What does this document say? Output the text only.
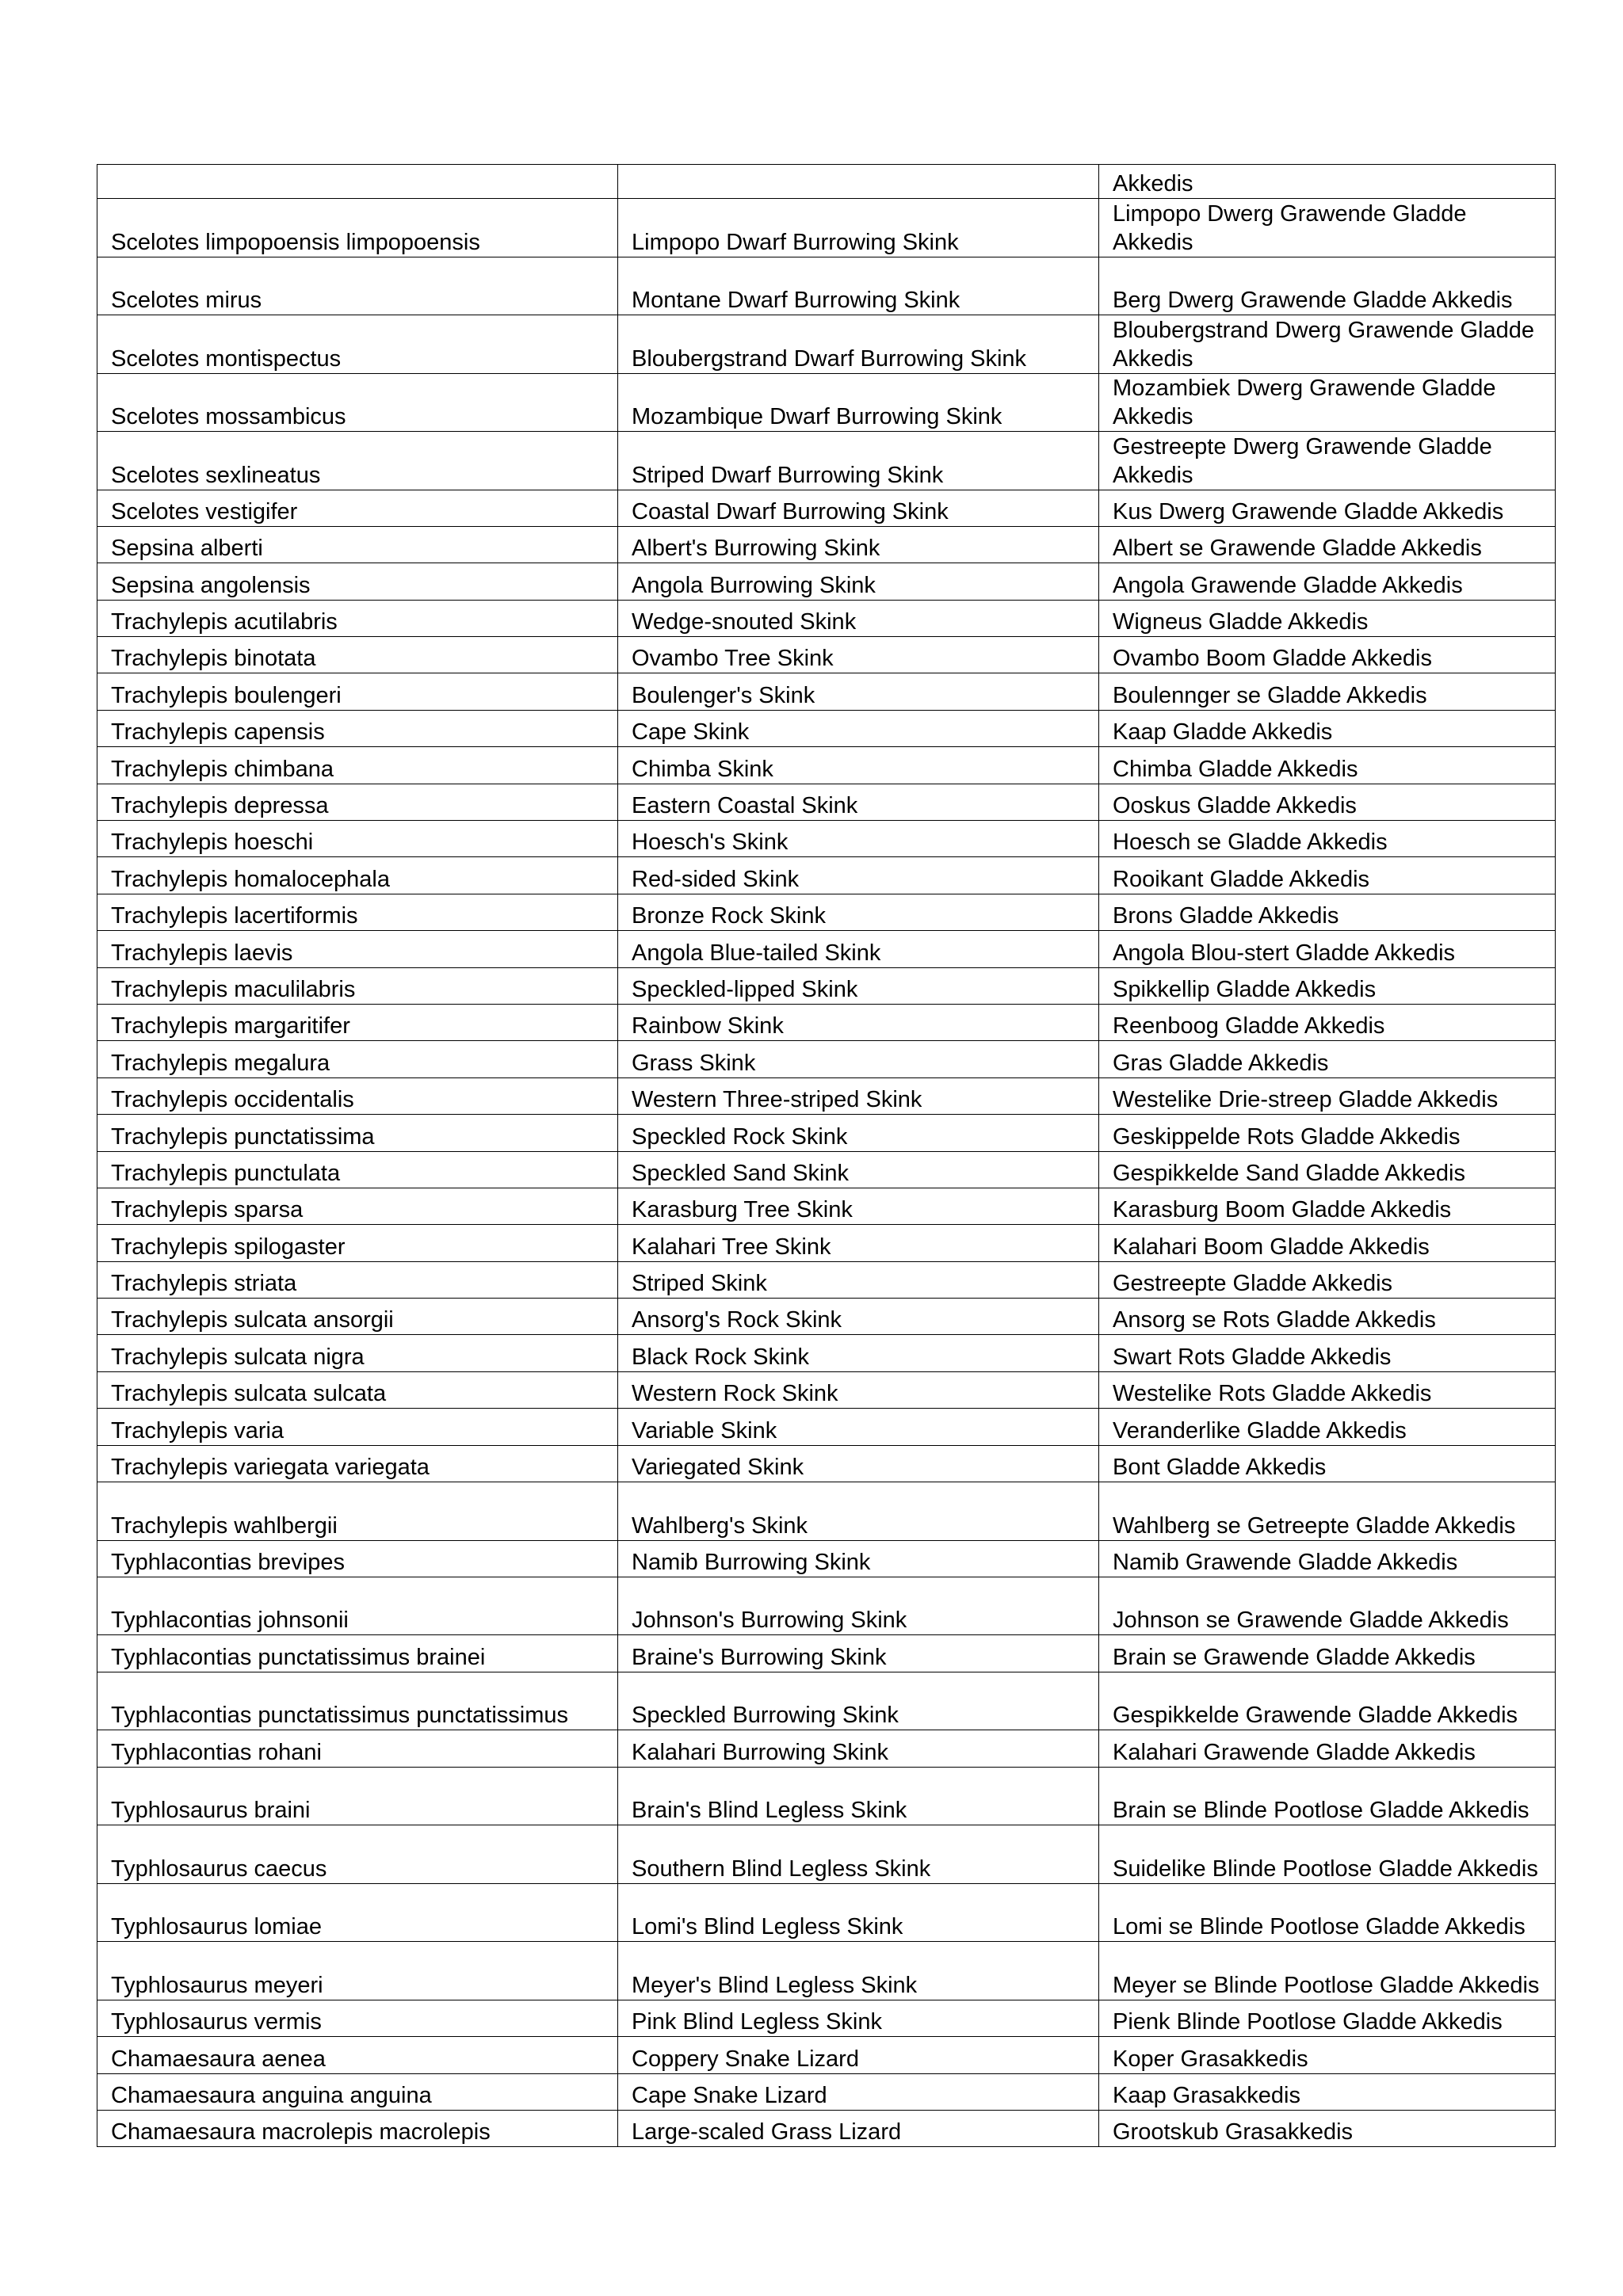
		Akkedis
Scelotes limpopoensis limpopoensis	Limpopo Dwarf Burrowing Skink	Limpopo Dwerg Grawende Gladde Akkedis
Scelotes mirus	Montane Dwarf Burrowing Skink	Berg Dwerg Grawende Gladde Akkedis
Scelotes montispectus	Bloubergstrand Dwarf Burrowing Skink	Bloubergstrand Dwerg Grawende Gladde Akkedis
Scelotes mossambicus	Mozambique Dwarf Burrowing Skink	Mozambiek Dwerg Grawende Gladde Akkedis
Scelotes sexlineatus	Striped Dwarf Burrowing Skink	Gestreepte Dwerg Grawende Gladde Akkedis
Scelotes vestigifer	Coastal Dwarf Burrowing Skink	Kus Dwerg Grawende Gladde Akkedis
Sepsina alberti	Albert's Burrowing Skink	Albert se Grawende Gladde Akkedis
Sepsina angolensis	Angola Burrowing Skink	Angola Grawende Gladde Akkedis
Trachylepis acutilabris	Wedge-snouted Skink	Wigneus Gladde Akkedis
Trachylepis binotata	Ovambo Tree Skink	Ovambo Boom Gladde Akkedis
Trachylepis boulengeri	Boulenger's Skink	Boulennger se Gladde Akkedis
Trachylepis capensis	Cape Skink	Kaap Gladde Akkedis
Trachylepis chimbana	Chimba Skink	Chimba Gladde Akkedis
Trachylepis depressa	Eastern Coastal Skink	Ooskus Gladde Akkedis
Trachylepis hoeschi	Hoesch's Skink	Hoesch se Gladde Akkedis
Trachylepis homalocephala	Red-sided Skink	Rooikant Gladde Akkedis
Trachylepis lacertiformis	Bronze Rock Skink	Brons Gladde Akkedis
Trachylepis laevis	Angola Blue-tailed Skink	Angola Blou-stert Gladde Akkedis
Trachylepis maculilabris	Speckled-lipped Skink	Spikkellip Gladde Akkedis
Trachylepis margaritifer	Rainbow Skink	Reenboog Gladde Akkedis
Trachylepis megalura	Grass Skink	Gras Gladde Akkedis
Trachylepis occidentalis	Western Three-striped Skink	Westelike Drie-streep Gladde Akkedis
Trachylepis punctatissima	Speckled Rock Skink	Geskippelde Rots Gladde Akkedis
Trachylepis punctulata	Speckled Sand Skink	Gespikkelde Sand Gladde Akkedis
Trachylepis sparsa	Karasburg Tree Skink	Karasburg Boom Gladde Akkedis
Trachylepis spilogaster	Kalahari Tree Skink	Kalahari Boom Gladde Akkedis
Trachylepis striata	Striped Skink	Gestreepte Gladde Akkedis
Trachylepis sulcata ansorgii	Ansorg's Rock Skink	Ansorg se Rots Gladde Akkedis
Trachylepis sulcata nigra	Black Rock Skink	Swart Rots Gladde Akkedis
Trachylepis sulcata sulcata	Western Rock Skink	Westelike Rots Gladde Akkedis
Trachylepis varia	Variable Skink	Veranderlike Gladde Akkedis
Trachylepis variegata variegata	Variegated Skink	Bont Gladde Akkedis
Trachylepis wahlbergii	Wahlberg's Skink	Wahlberg se Getreepte Gladde Akkedis
Typhlacontias brevipes	Namib Burrowing Skink	Namib Grawende Gladde Akkedis
Typhlacontias johnsonii	Johnson's Burrowing Skink	Johnson se Grawende Gladde Akkedis
Typhlacontias punctatissimus brainei	Braine's Burrowing Skink	Brain se Grawende Gladde Akkedis
Typhlacontias punctatissimus punctatissimus	Speckled Burrowing Skink	Gespikkelde Grawende Gladde Akkedis
Typhlacontias rohani	Kalahari Burrowing Skink	Kalahari Grawende Gladde Akkedis
Typhlosaurus braini	Brain's Blind Legless Skink	Brain se Blinde Pootlose Gladde Akkedis
Typhlosaurus caecus	Southern Blind Legless Skink	Suidelike Blinde Pootlose Gladde Akkedis
Typhlosaurus lomiae	Lomi's Blind Legless Skink	Lomi se Blinde Pootlose Gladde Akkedis
Typhlosaurus meyeri	Meyer's Blind Legless Skink	Meyer se Blinde Pootlose Gladde Akkedis
Typhlosaurus vermis	Pink Blind Legless Skink	Pienk Blinde Pootlose Gladde Akkedis
Chamaesaura aenea	Coppery Snake Lizard	Koper Grasakkedis
Chamaesaura anguina anguina	Cape Snake Lizard	Kaap Grasakkedis
Chamaesaura macrolepis macrolepis	Large-scaled Grass Lizard	Grootskub Grasakkedis
